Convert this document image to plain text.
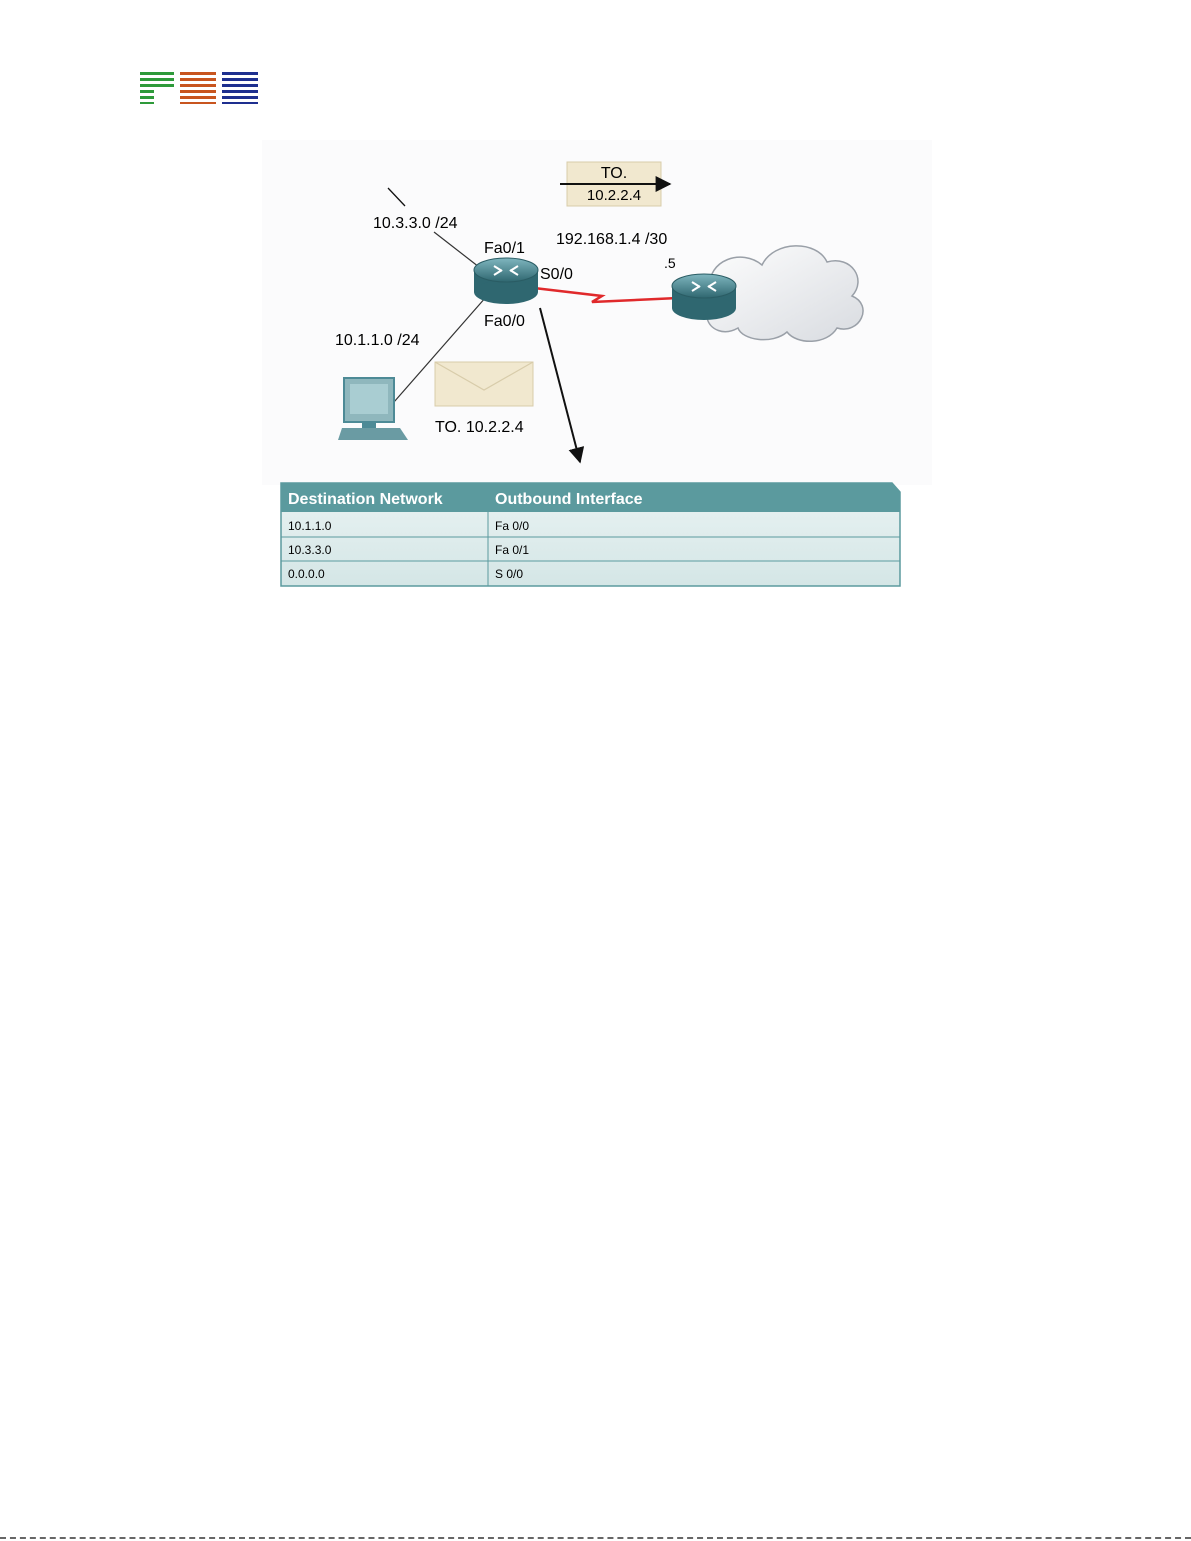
TO.
10.2.2.4
10.3.3.0 /24
Fa0/1
S0/0
Fa0/0
10.1.1.0 /24
192.168.1.4 /30
.5
TO. 10.2.2.4
Destination Network	Outbound Interface
10.1.1.0	Fa 0/0
10.3.3.0	Fa 0/1
0.0.0.0	S 0/0
